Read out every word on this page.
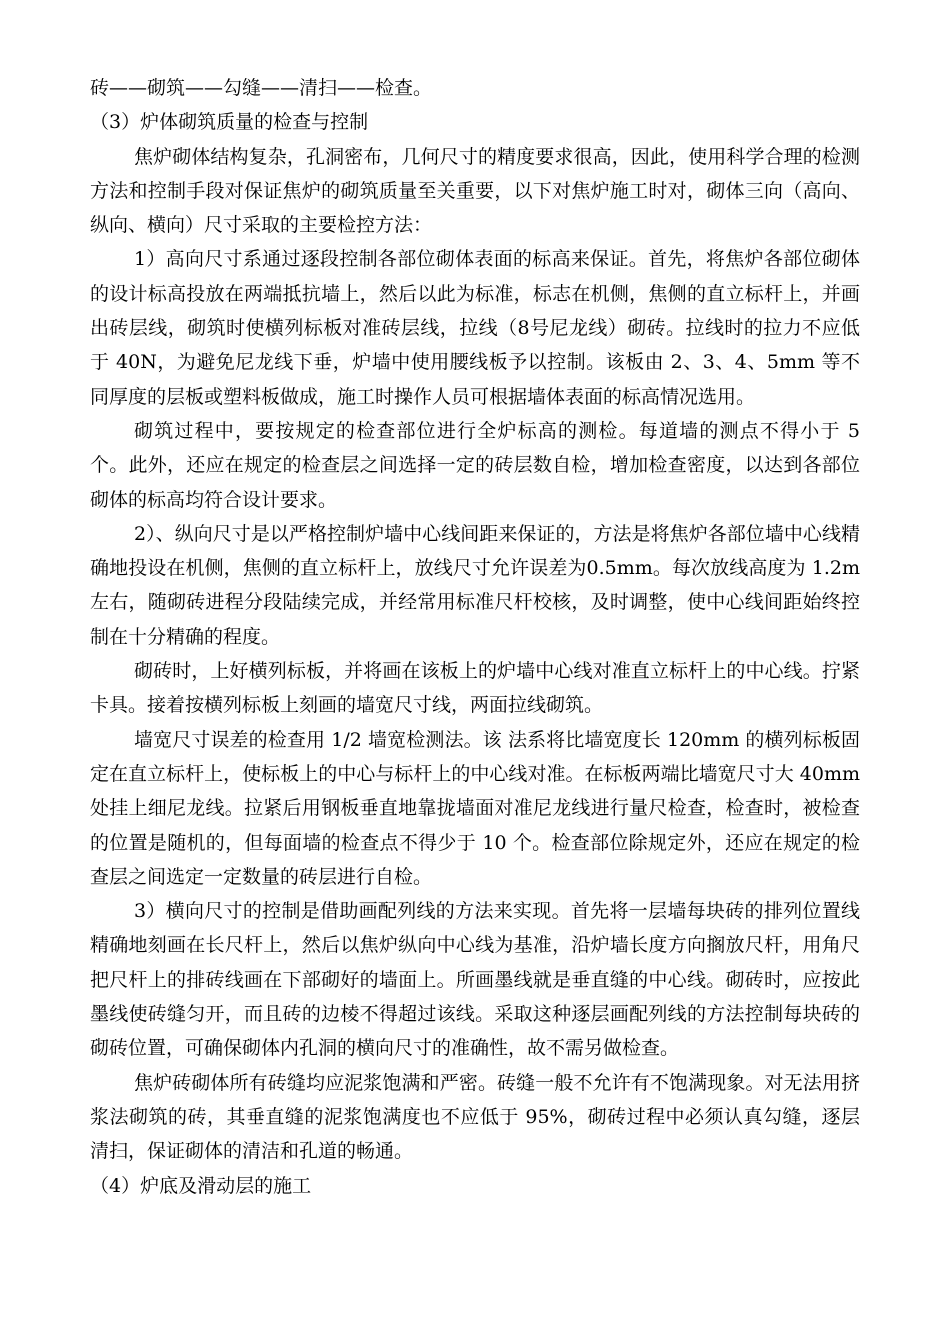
砖——砌筑——勾缝——清扫——检查。

（3）炉体砌筑质量的检查与控制

焦炉砌体结构复杂，孔洞密布，几何尺寸的精度要求很高，因此，使用科学合理的检测方法和控制手段对保证焦炉的砌筑质量至关重要，以下对焦炉施工时对，砌体三向（高向、纵向、横向）尺寸采取的主要检控方法：

1）高向尺寸系通过逐段控制各部位砌体表面的标高来保证。首先，将焦炉各部位砌体的设计标高投放在两端抵抗墙上，然后以此为标准，标志在机侧，焦侧的直立标杆上，并画出砖层线，砌筑时使横列标板对准砖层线，拉线（8号尼龙线）砌砖。拉线时的拉力不应低于 40N，为避免尼龙线下垂，炉墙中使用腰线板予以控制。该板由 2、3、4、5mm 等不同厚度的层板或塑料板做成，施工时操作人员可根据墙体表面的标高情况选用。

砌筑过程中，要按规定的检查部位进行全炉标高的测检。每道墙的测点不得小于 5 个。此外，还应在规定的检查层之间选择一定的砖层数自检，增加检查密度，以达到各部位砌体的标高均符合设计要求。

2）、纵向尺寸是以严格控制炉墙中心线间距来保证的，方法是将焦炉各部位墙中心线精确地投设在机侧，焦侧的直立标杆上，放线尺寸允许误差为0.5mm。每次放线高度为 1.2m 左右，随砌砖进程分段陆续完成，并经常用标准尺杆校核，及时调整，使中心线间距始终控制在十分精确的程度。

砌砖时，上好横列标板，并将画在该板上的炉墙中心线对准直立标杆上的中心线。拧紧卡具。接着按横列标板上刻画的墙宽尺寸线，两面拉线砌筑。

墙宽尺寸误差的检查用 1/2 墙宽检测法。该 法系将比墙宽度长 120mm 的横列标板固定在直立标杆上，使标板上的中心与标杆上的中心线对准。在标板两端比墙宽尺寸大 40mm 处挂上细尼龙线。拉紧后用钢板垂直地靠拢墙面对准尼龙线进行量尺检查，检查时，被检查的位置是随机的，但每面墙的检查点不得少于 10 个。检查部位除规定外，还应在规定的检查层之间选定一定数量的砖层进行自检。

3）横向尺寸的控制是借助画配列线的方法来实现。首先将一层墙每块砖的排列位置线精确地刻画在长尺杆上，然后以焦炉纵向中心线为基准，沿炉墙长度方向搁放尺杆，用角尺把尺杆上的排砖线画在下部砌好的墙面上。所画墨线就是垂直缝的中心线。砌砖时，应按此墨线使砖缝匀开，而且砖的边棱不得超过该线。采取这种逐层画配列线的方法控制每块砖的砌砖位置，可确保砌体内孔洞的横向尺寸的准确性，故不需另做检查。

焦炉砖砌体所有砖缝均应泥浆饱满和严密。砖缝一般不允许有不饱满现象。对无法用挤浆法砌筑的砖，其垂直缝的泥浆饱满度也不应低于 95%，砌砖过程中必须认真勾缝，逐层清扫，保证砌体的清洁和孔道的畅通。

（4）炉底及滑动层的施工
